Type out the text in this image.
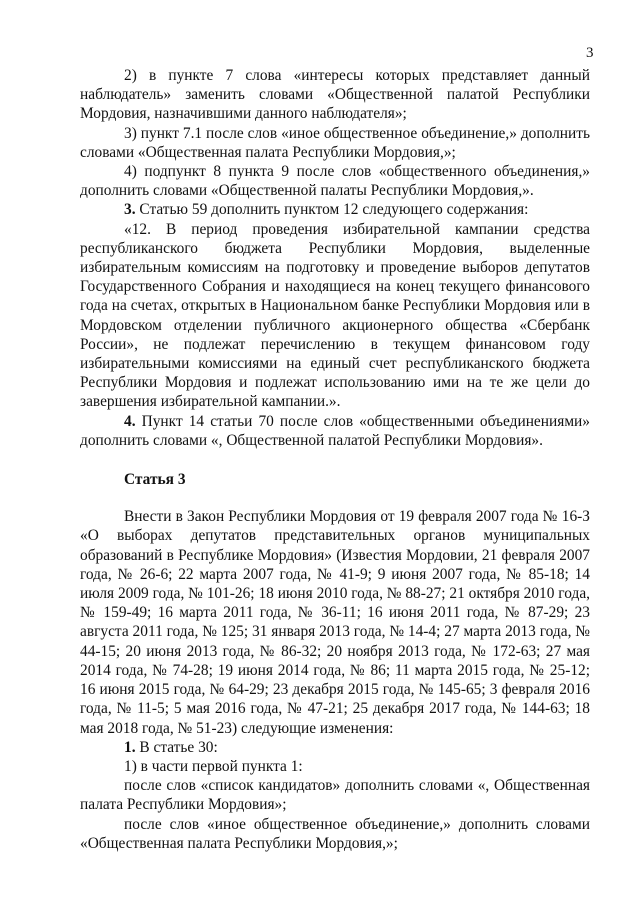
3

2) в пункте 7 слова «интересы которых представляет данный наблюдатель» заменить словами «Общественной палатой Республики Мордовия, назначившими данного наблюдателя»;

3) пункт 7.1 после слов «иное общественное объединение,» дополнить словами «Общественная палата Республики Мордовия,»;

4) подпункт 8 пункта 9 после слов «общественного объединения,» дополнить словами «Общественной палаты Республики Мордовия,».

3. Статью 59 дополнить пунктом 12 следующего содержания:

«12. В период проведения избирательной кампании средства республиканского бюджета Республики Мордовия, выделенные избирательным комиссиям на подготовку и проведение выборов депутатов Государственного Собрания и находящиеся на конец текущего финансового года на счетах, открытых в Национальном банке Республики Мордовия или в Мордовском отделении публичного акционерного общества «Сбербанк России», не подлежат перечислению в текущем финансовом году избирательными комиссиями на единый счет республиканского бюджета Республики Мордовия и подлежат использованию ими на те же цели до завершения избирательной кампании.».

4. Пункт 14 статьи 70 после слов «общественными объединениями» дополнить словами «, Общественной палатой Республики Мордовия».

Статья 3

Внести в Закон Республики Мордовия от 19 февраля 2007 года № 16-З «О выборах депутатов представительных органов муниципальных образований в Республике Мордовия» (Известия Мордовии, 21 февраля 2007 года, № 26-6; 22 марта 2007 года, № 41-9; 9 июня 2007 года, № 85-18; 14 июля 2009 года, № 101-26; 18 июня 2010 года, № 88-27; 21 октября 2010 года, № 159-49; 16 марта 2011 года, № 36-11; 16 июня 2011 года, № 87-29; 23 августа 2011 года, № 125; 31 января 2013 года, № 14-4; 27 марта 2013 года, № 44-15; 20 июня 2013 года, № 86-32; 20 ноября 2013 года, № 172-63; 27 мая 2014 года, № 74-28; 19 июня 2014 года, № 86; 11 марта 2015 года, № 25-12; 16 июня 2015 года, № 64-29; 23 декабря 2015 года, № 145-65; 3 февраля 2016 года, № 11-5; 5 мая 2016 года, № 47-21; 25 декабря 2017 года, № 144-63; 18 мая 2018 года, № 51-23) следующие изменения:

1. В статье 30:

1) в части первой пункта 1:

после слов «список кандидатов» дополнить словами «, Общественная палата Республики Мордовия»;

после слов «иное общественное объединение,» дополнить словами «Общественная палата Республики Мордовия,»;
